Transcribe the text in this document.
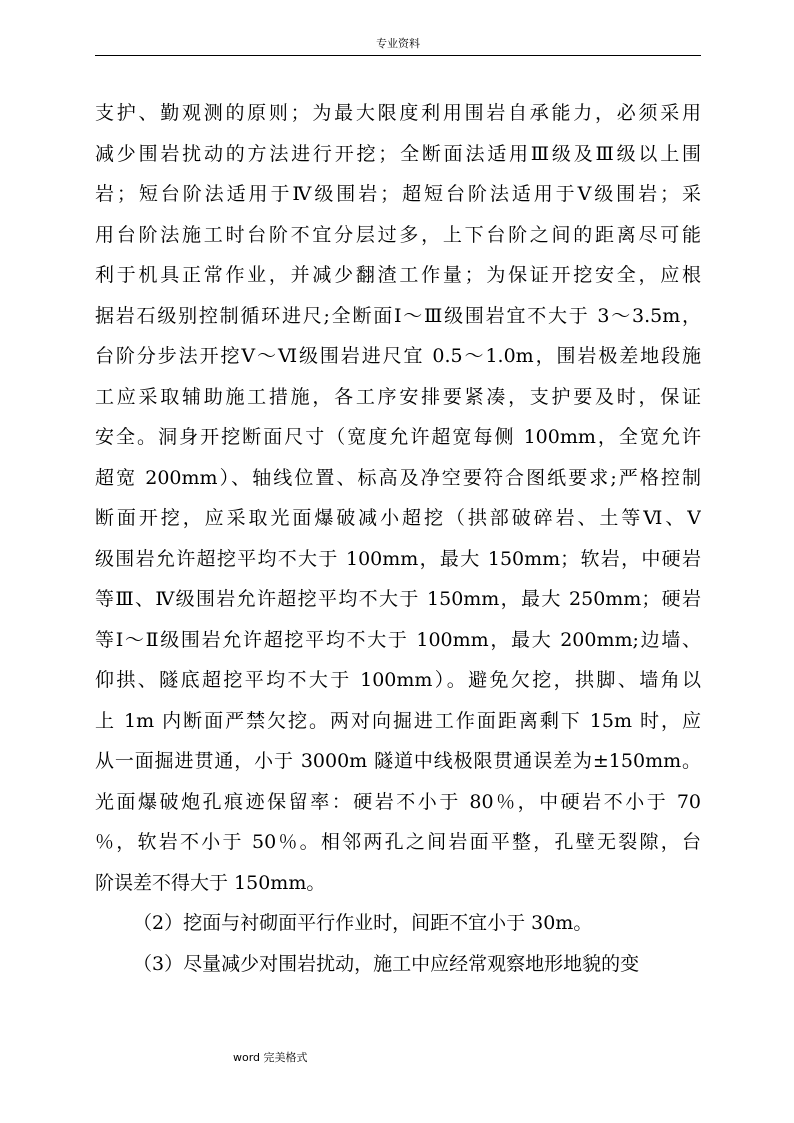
专业资料
支护、勤观测的原则；为最大限度利用围岩自承能力，必须采用
减少围岩扰动的方法进行开挖；全断面法适用Ⅲ级及Ⅲ级以上围
岩；短台阶法适用于Ⅳ级围岩；超短台阶法适用于Ⅴ级围岩；采
用台阶法施工时台阶不宜分层过多，上下台阶之间的距离尽可能
利于机具正常作业，并减少翻渣工作量；为保证开挖安全，应根
据岩石级别控制循环进尺;全断面Ⅰ～Ⅲ级围岩宜不大于 3～3.5m，
台阶分步法开挖Ⅴ～Ⅵ级围岩进尺宜 0.5～1.0m，围岩极差地段施
工应采取辅助施工措施，各工序安排要紧凑，支护要及时，保证
安全。洞身开挖断面尺寸（宽度允许超宽每侧 100mm，全宽允许
超宽 200mm）、轴线位置、标高及净空要符合图纸要求;严格控制
断面开挖，应采取光面爆破减小超挖（拱部破碎岩、土等Ⅵ、Ⅴ
级围岩允许超挖平均不大于 100mm，最大 150mm；软岩，中硬岩
等Ⅲ、Ⅳ级围岩允许超挖平均不大于 150mm，最大 250mm；硬岩
等Ⅰ～Ⅱ级围岩允许超挖平均不大于 100mm，最大 200mm;边墙、
仰拱、隧底超挖平均不大于 100mm）。避免欠挖，拱脚、墙角以
上 1m 内断面严禁欠挖。两对向掘进工作面距离剩下 15m 时，应
从一面掘进贯通，小于 3000m 隧道中线极限贯通误差为±150mm。
光面爆破炮孔痕迹保留率：硬岩不小于 80％，中硬岩不小于 70
％，软岩不小于 50％。相邻两孔之间岩面平整，孔壁无裂隙，台
阶误差不得大于 150mm。
（2）挖面与衬砌面平行作业时，间距不宜小于 30m。
（3）尽量减少对围岩扰动，施工中应经常观察地形地貌的变
word 完美格式
